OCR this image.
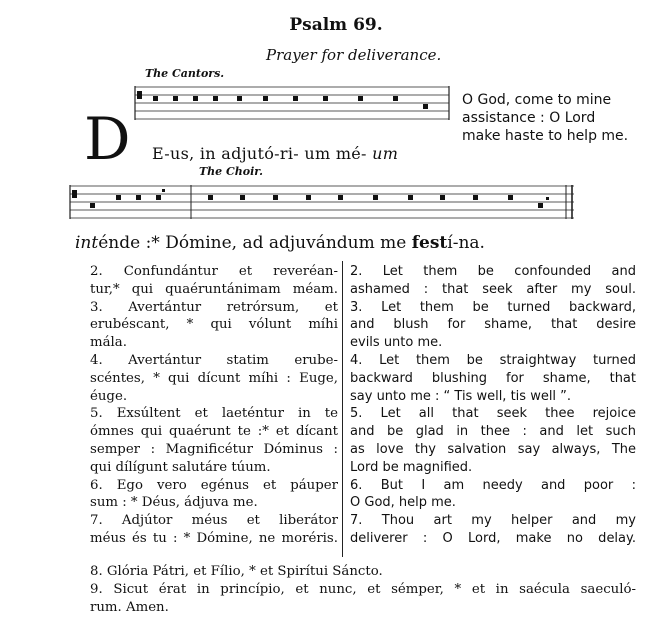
Psalm 69.
Prayer for deliverance.
The Cantors.
D E-us, in adjutó-ri- um mé- um
O God, come to mine
assistance : O Lord
make haste to help me.
The Choir.
inténde :* Dómine, ad adjuvándum me festí-na.
2. Confundántur et reveréan-
tur,* qui quaéruntánimam méam.
3. Avertántur retrórsum, et
erubéscant, * qui vólunt míhi
mála.
4. Avertántur statim erube-
scéntes, * qui dícunt míhi : Euge,
éuge.
5. Exsúltent et laeténtur in te
ómnes qui quaérunt te :* et dícant
semper : Magnificétur Dóminus :
qui dílígunt salutáre túum.
6. Ego vero egénus et páuper
sum : * Déus, ádjuva me.
7. Adjútor méus et liberátor
méus és tu : * Dómine, ne moréris.
2. Let them be confounded and
ashamed : that seek after my soul.
3. Let them be turned backward,
and blush for shame, that desire
evils unto me.
4. Let them be straightway turned
backward blushing for shame, that
say unto me : “ Tis well, tis well ”.
5. Let all that seek thee rejoice
and be glad in thee : and let such
as love thy salvation say always, The
Lord be magnified.
6. But I am needy and poor :
O God, help me.
7. Thou art my helper and my
deliverer : O Lord, make no delay.
8. Glória Pátri, et Fílio, * et Spirítui Sáncto.
9. Sicut érat in princípio, et nunc, et sémper, * et in saécula saeculó-
rum. Amen.
